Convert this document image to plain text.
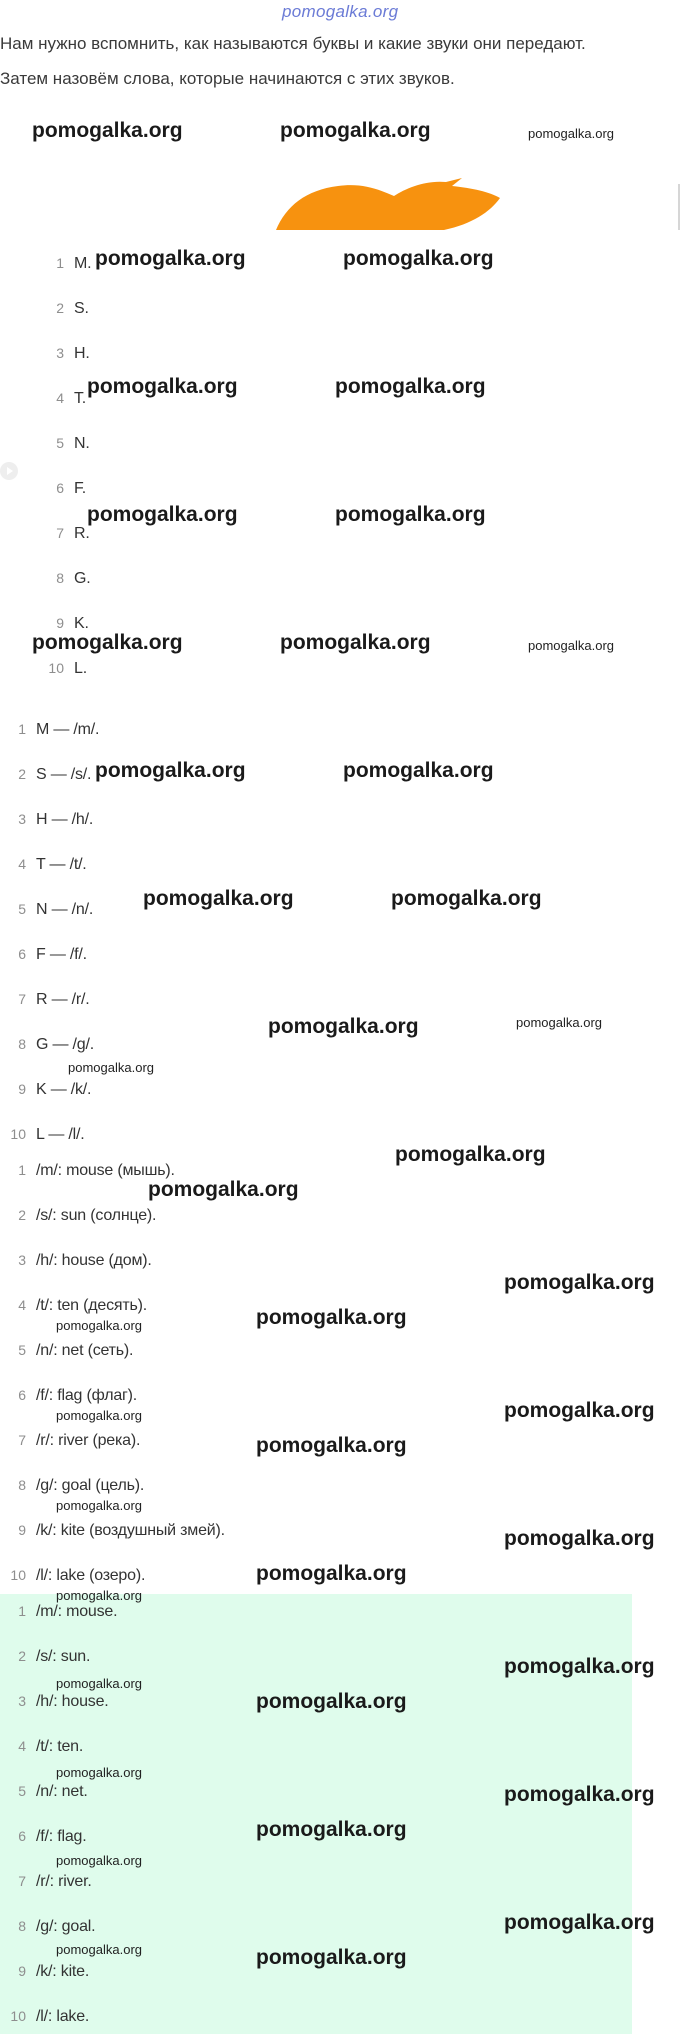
pomogalka.org
Нам нужно вспомнить, как называются буквы и какие звуки они передают.
Затем назовём слова, которые начинаются с этих звуков.
1 M.
2 S.
3 H.
4 T.
5 N.
6 F.
7 R.
8 G.
9 K.
10 L.
1 M — /m/.
2 S — /s/.
3 H — /h/.
4 T — /t/.
5 N — /n/.
6 F — /f/.
7 R — /r/.
8 G — /g/.
9 K — /k/.
10 L — /l/.
1 /m/: mouse (мышь).
2 /s/: sun (солнце).
3 /h/: house (дом).
4 /t/: ten (десять).
5 /n/: net (сеть).
6 /f/: flag (флаг).
7 /r/: river (река).
8 /g/: goal (цель).
9 /k/: kite (воздушный змей).
10 /l/: lake (озеро).
1 /m/: mouse.
2 /s/: sun.
3 /h/: house.
4 /t/: ten.
5 /n/: net.
6 /f/: flag.
7 /r/: river.
8 /g/: goal.
9 /k/: kite.
10 /l/: lake.
pomogalka.org	pomogalka.org	pomogalka.org
pomogalka.org	pomogalka.org
pomogalka.org	pomogalka.org
pomogalka.org	pomogalka.org
pomogalka.org	pomogalka.org	pomogalka.org
pomogalka.org	pomogalka.org
pomogalka.org	pomogalka.org
pomogalka.org	pomogalka.org
pomogalka.org
pomogalka.org
pomogalka.org
pomogalka.org
pomogalka.org	pomogalka.org
pomogalka.org
pomogalka.org
pomogalka.org
pomogalka.org
pomogalka.org
pomogalka.org
pomogalka.org
pomogalka.org
pomogalka.org
pomogalka.org
pomogalka.org
pomogalka.org
pomogalka.org
pomogalka.org
pomogalka.org
pomogalka.org	pomogalka.org
